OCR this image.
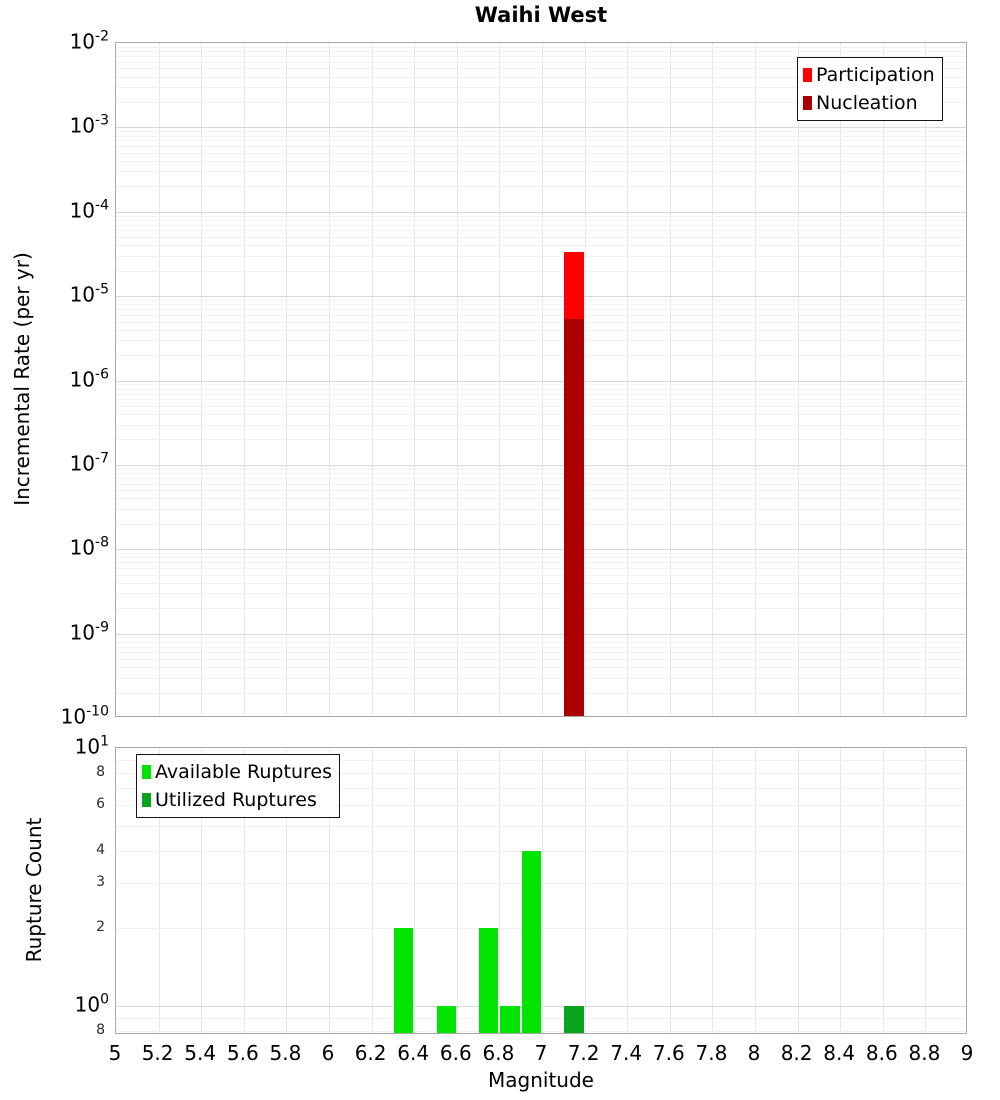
Waihi West
Incremental Rate (per yr)
Rupture Count
Magnitude
Participation
Nucleation
Available Ruptures
Utilized Ruptures
$10^{-2}$
$10^{-3}$
$10^{-4}$
$10^{-5}$
$10^{-6}$
$10^{-7}$
$10^{-8}$
$10^{-9}$
$10^{-10}$
$10^1$
$10^0$
8
6
4
3
2
8
5 5.2 5.4 5.6 5.8 6 6.2 6.4 6.6 6.8 7 7.2 7.4 7.6 7.8 8 8.2 8.4 8.6 8.8 9
